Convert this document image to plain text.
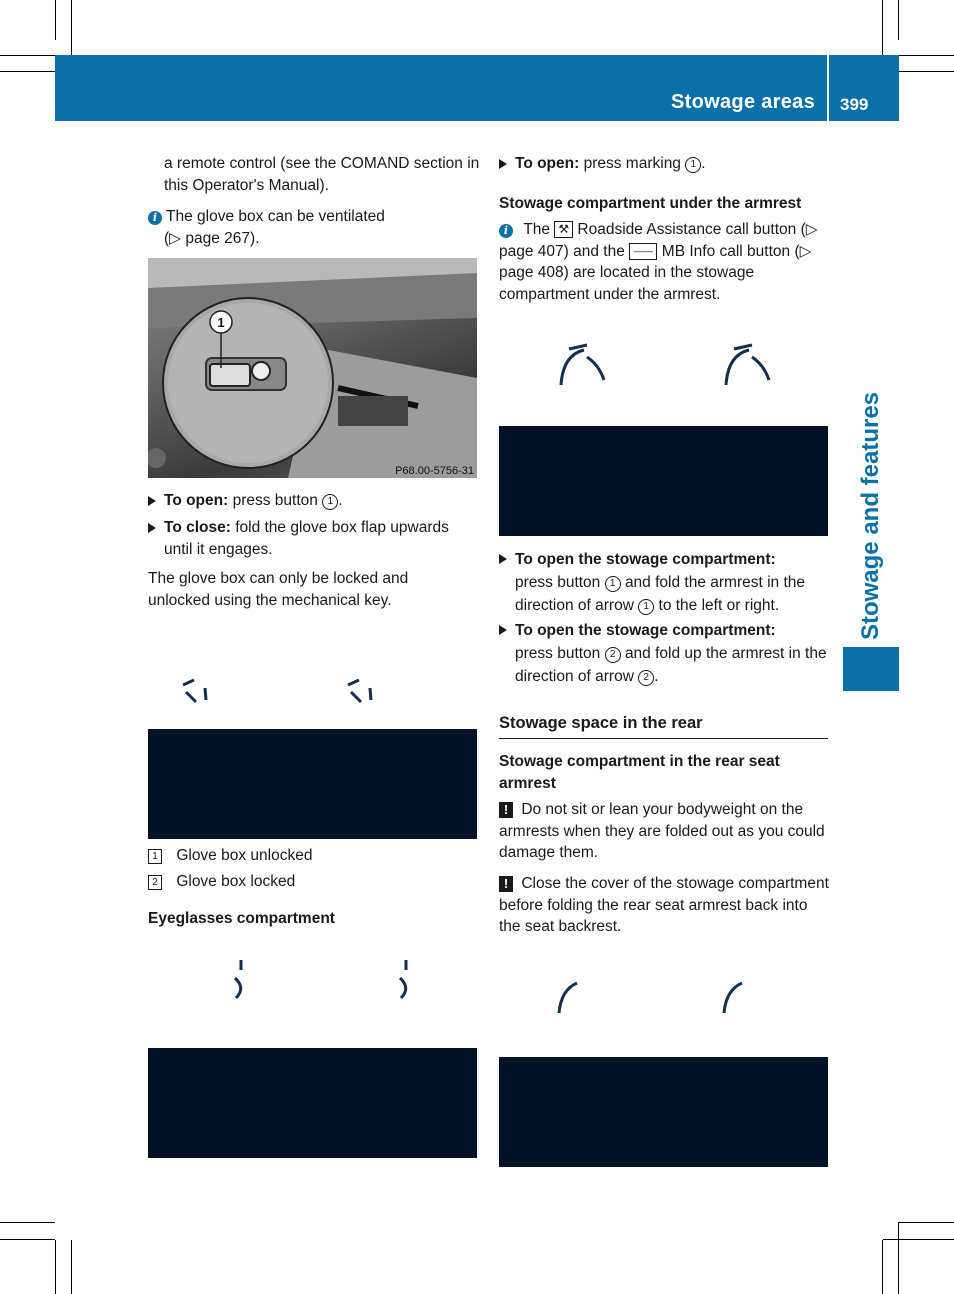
Stowage areas 399
Stowage and features

a remote control (see the COMAND section in this Operator's Manual).

i The glove box can be ventilated
(▷ page 267).
1
P68.00-5756-31
To open: press button 1 .
To close: fold the glove box flap upwards until it engages.

The glove box can only be locked and unlocked using the mechanical key.

1 Glove box unlocked
2 Glove box locked
Eyeglasses compartment
To open: press marking 1 .
Stowage compartment under the armrest
i The ⚒ Roadside Assistance call button (▷ page 407) and the ⸺ MB Info call button (▷ page 408) are located in the stowage compartment under the armrest.
To open the stowage compartment:
press button 1 and fold the armrest in the direction of arrow 1 to the left or right.
To open the stowage compartment:
press button 2 and fold up the armrest in the direction of arrow 2 .
Stowage space in the rear
Stowage compartment in the rear seat armrest
! Do not sit or lean your bodyweight on the armrests when they are folded out as you could damage them.
! Close the cover of the stowage compartment before folding the rear seat armrest back into the seat backrest.
